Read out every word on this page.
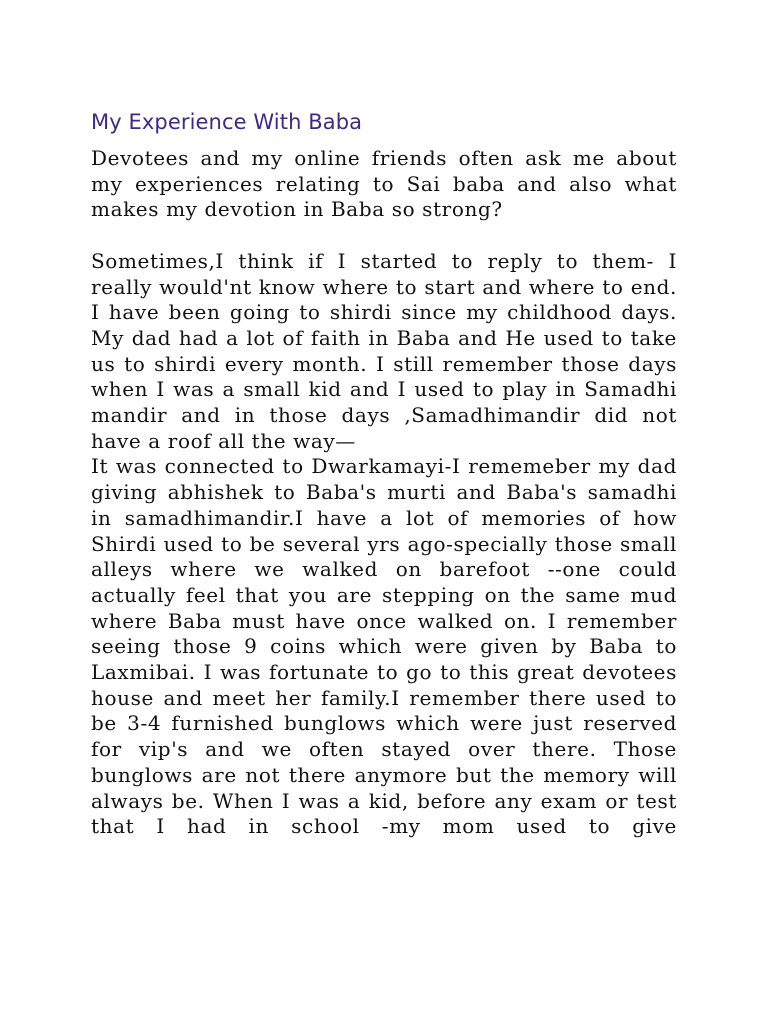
My Experience With Baba

Devotees and my online friends often ask me about my experiences relating to Sai baba and also what makes my devotion in Baba so strong?

Sometimes,I think if I started to reply to them- I really would'nt know where to start and where to end. I have been going to shirdi since my childhood days. My dad had a lot of faith in Baba and He used to take us to shirdi every month. I still remember those days when I was a small kid and I used to play in Samadhi mandir and in those days ,Samadhimandir did not have a roof all the way—

It was connected to Dwarkamayi-I rememeber my dad giving abhishek to Baba's murti and Baba's samadhi in samadhimandir.I have a lot of memories of how Shirdi used to be several yrs ago-specially those small alleys where we walked on barefoot --one could actually feel that you are stepping on the same mud where Baba must have once walked on. I remember seeing those 9 coins which were given by Baba to Laxmibai. I was fortunate to go to this great devotees house and meet her family.I remember there used to be 3-4 furnished bunglows which were just reserved for vip's and we often stayed over there. Those bunglows are not there anymore but the memory will always be. When I was a kid, before any exam or test that I had in school -my mom used to give
